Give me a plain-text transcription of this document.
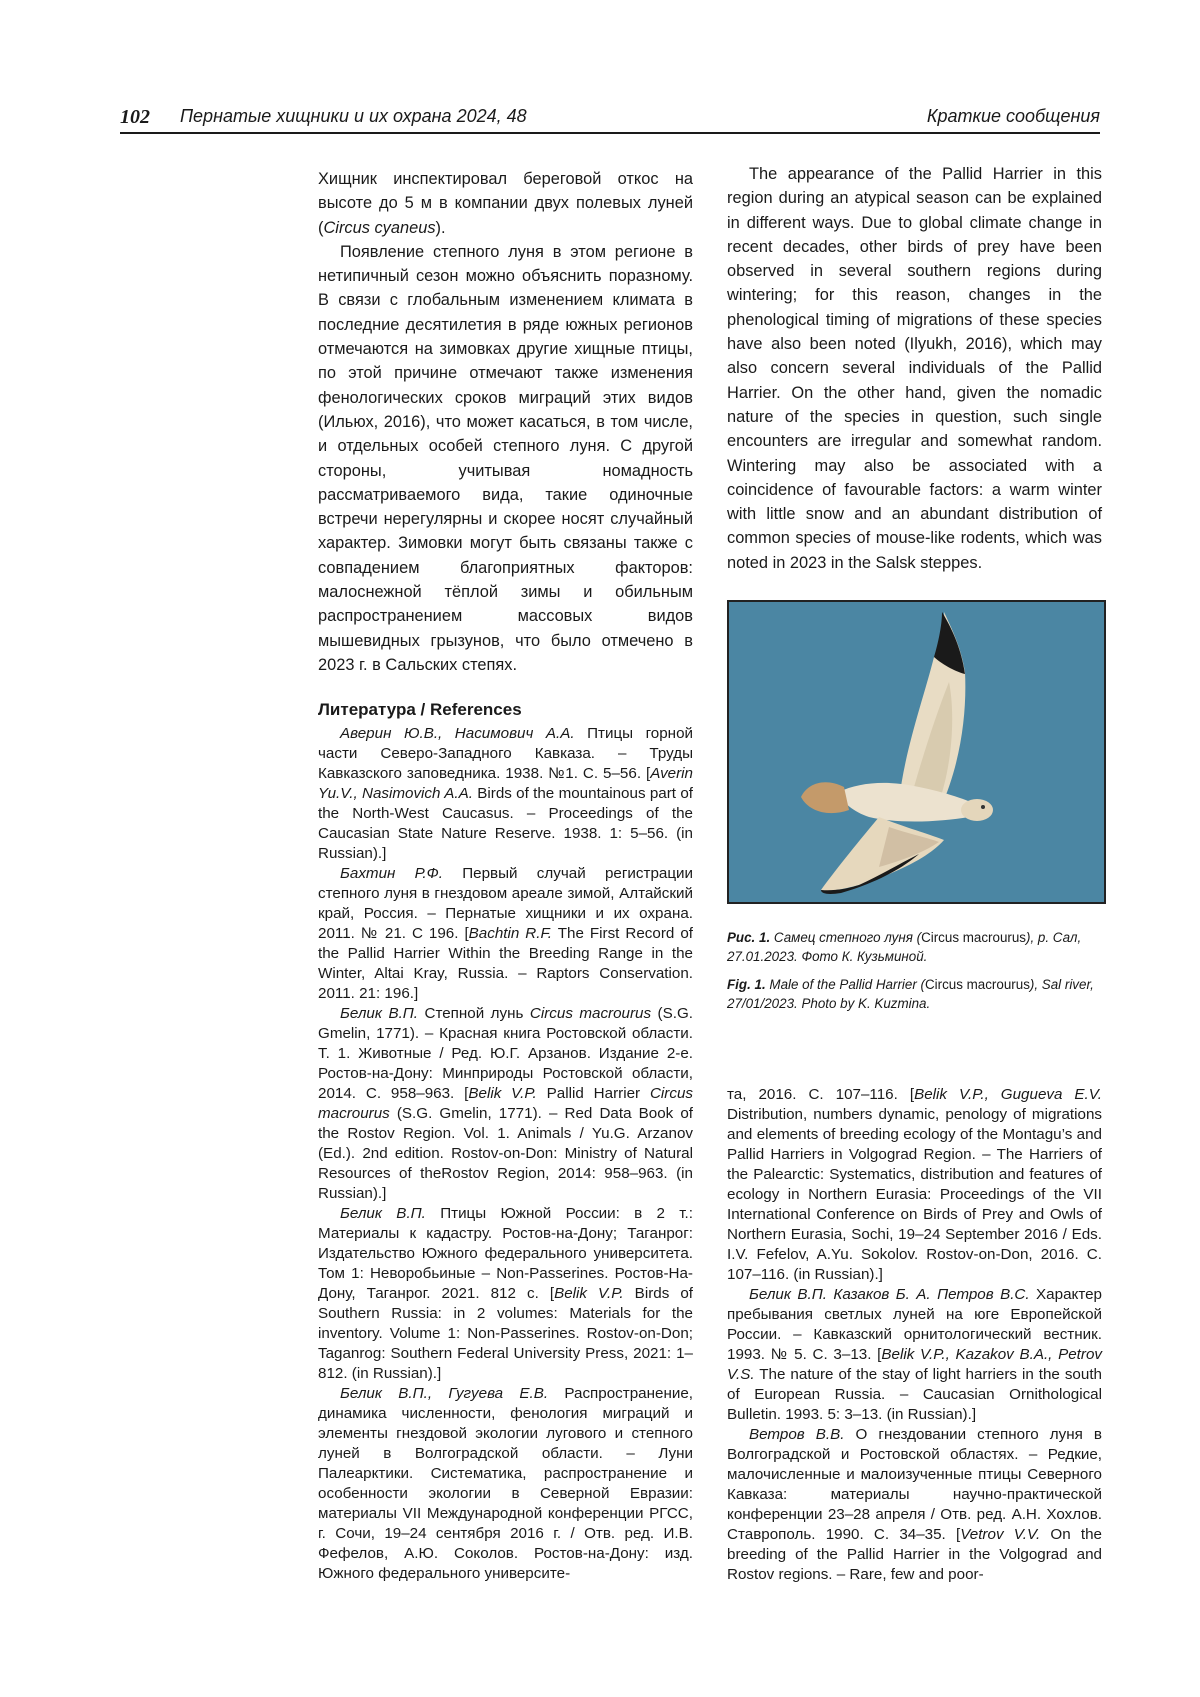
102 Пернатые хищники и их охрана 2024, 48	Краткие сообщения

Хищник инспектировал береговой откос на высоте до 5 м в компании двух полевых луней (Circus cyaneus).

Появление степного луня в этом регионе в нетипичный сезон можно объяснить поразному. В связи с глобальным изменением климата в последние десятилетия в ряде южных регионов отмечаются на зимовках другие хищные птицы, по этой причине отмечают также изменения фенологических сроков миграций этих видов (Ильюх, 2016), что может касаться, в том числе, и отдельных особей степного луня. С другой стороны, учитывая номадность рассматриваемого вида, такие одиночные встречи нерегулярны и скорее носят случайный характер. Зимовки могут быть связаны также с совпадением благоприятных факторов: малоснежной тёплой зимы и обильным распространением массовых видов мышевидных грызунов, что было отмечено в 2023 г. в Сальских степях.

The appearance of the Pallid Harrier in this region during an atypical season can be explained in different ways. Due to global climate change in recent decades, other birds of prey have been observed in several southern regions during wintering; for this reason, changes in the phenological timing of migrations of these species have also been noted (Ilyukh, 2016), which may also concern several individuals of the Pallid Harrier. On the other hand, given the nomadic nature of the species in question, such single encounters are irregular and somewhat random. Wintering may also be associated with a coincidence of favourable factors: a warm winter with little snow and an abundant distribution of common species of mouse-like rodents, which was noted in 2023 in the Salsk steppes.

Рис. 1. Самец степного луня (Circus macrourus), р. Сал, 27.01.2023. Фото К. Кузьминой.
Fig. 1. Male of the Pallid Harrier (Circus macrourus), Sal river, 27/01/2023. Photo by K. Kuzmina.
Литература / References

Аверин Ю.В., Насимович А.А. Птицы горной части Северо-Западного Кавказа. – Труды Кавказского заповедника. 1938. №1. С. 5–56. [Averin Yu.V., Nasimovich A.A. Birds of the mountainous part of the North-West Caucasus. – Proceedings of the Caucasian State Nature Reserve. 1938. 1: 5–56. (in Russian).]

Бахтин Р.Ф. Первый случай регистрации степного луня в гнездовом ареале зимой, Алтайский край, Россия. – Пернатые хищники и их охрана. 2011. № 21. С 196. [Bachtin R.F. The First Record of the Pallid Harrier Within the Breeding Range in the Winter, Altai Kray, Russia. – Raptors Conservation. 2011. 21: 196.]

Белик В.П. Степной лунь Circus macrourus (S.G. Gmelin, 1771). – Красная книга Ростовской области. Т. 1. Животные / Ред. Ю.Г. Арзанов. Издание 2-е. Ростов-на-Дону: Минприроды Ростовской области, 2014. С. 958–963. [Belik V.P. Pallid Harrier Circus macrourus (S.G. Gmelin, 1771). – Red Data Book of the Rostov Region. Vol. 1. Animals / Yu.G. Arzanov (Ed.). 2nd edition. Rostov-on-Don: Ministry of Natural Resources of theRostov Region, 2014: 958–963. (in Russian).]

Белик В.П. Птицы Южной России: в 2 т.: Материалы к кадастру. Ростов-на-Дону; Таганрог: Издательство Южного федерального университета. Том 1: Неворобьиные – Non-Passerines. Ростов-На-Дону, Таганрог. 2021. 812 с. [Belik V.P. Birds of Southern Russia: in 2 volumes: Materials for the inventory. Volume 1: Non-Passerines. Rostov-on-Don; Taganrog: Southern Federal University Press, 2021: 1–812. (in Russian).]

Белик В.П., Гугуева Е.В. Распространение, динамика численности, фенология миграций и элементы гнездовой экологии лугового и степного луней в Волгоградской области. – Луни Палеарктики. Систематика, распространение и особенности экологии в Северной Евразии: материалы VII Международной конференции РГСС, г. Сочи, 19–24 сентября 2016 г. / Отв. ред. И.В. Фефелов, А.Ю. Соколов. Ростов-на-Дону: изд. Южного федерального университе-

та, 2016. С. 107–116. [Belik V.P., Gugueva E.V. Distribution, numbers dynamic, penology of migrations and elements of breeding ecology of the Montagu’s and Pallid Harriers in Volgograd Region. – The Harriers of the Palearctic: Systematics, distribution and features of ecology in Northern Eurasia: Proceedings of the VII International Conference on Birds of Prey and Owls of Northern Eurasia, Sochi, 19–24 September 2016 / Eds. I.V. Fefelov, A.Yu. Sokolov. Rostov-on-Don, 2016. C. 107–116. (in Russian).]

Белик В.П. Казаков Б. А. Петров В.С. Характер пребывания светлых луней на юге Европейской России. – Кавказский орнитологический вестник. 1993. № 5. С. 3–13. [Belik V.P., Kazakov B.A., Petrov V.S. The nature of the stay of light harriers in the south of European Russia. – Caucasian Ornithological Bulletin. 1993. 5: 3–13. (in Russian).]

Ветров В.В. О гнездовании степного луня в Волгоградской и Ростовской областях. – Редкие, малочисленные и малоизученные птицы Северного Кавказа: материалы научно-практической конференции 23–28 апреля / Отв. ред. А.Н. Хохлов. Ставрополь. 1990. С. 34–35. [Vetrov V.V. On the breeding of the Pallid Harrier in the Volgograd and Rostov regions. – Rare, few and poor-
